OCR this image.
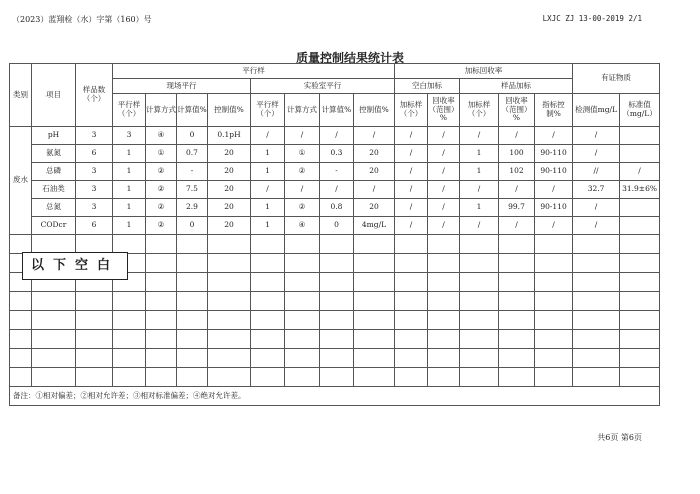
（2023）蓝翔检（水）字第（160）号	LXJC ZJ 13-00-2019 2/1
质量控制结果统计表
类别	项目	样品数（个）	平行样								加标回收率					有证物质	
			现场平行				实验室平行				空白加标		样品加标				
			平行样（个）	计算方式	计算值%	控制值%	平行样（个）	计算方式	计算值%	控制值%	加标样（个）	回收率（范围）%	加标样（个）	回收率（范围）%	指标控制%	检测值mg/L	标准值（mg/L）
废水	pH	3	3	④	0	0.1pH	/	/	/	/	/	/	/	/	/	/	
	氨氮	6	1	①	0.7	20	1	①	0.3	20	/	/	1	100	90-110	/	
	总磷	3	1	②	-	20	1	②	-	20	/	/	1	102	90-110	//	/
	石油类	3	1	②	7.5	20	/	/	/	/	/	/	/	/	/	32.7	31.9±6%
	总氮	3	1	②	2.9	20	1	②	0.8	20	/	/	1	99.7	90-110	/	
	CODcr	6	1	②	0	20	1	④	0	4mg/L	/	/	/	/	/	/	

备注：①相对偏差；②相对允许差；③相对标准偏差；④绝对允许差。																	
以下空白
共6页 第6页
